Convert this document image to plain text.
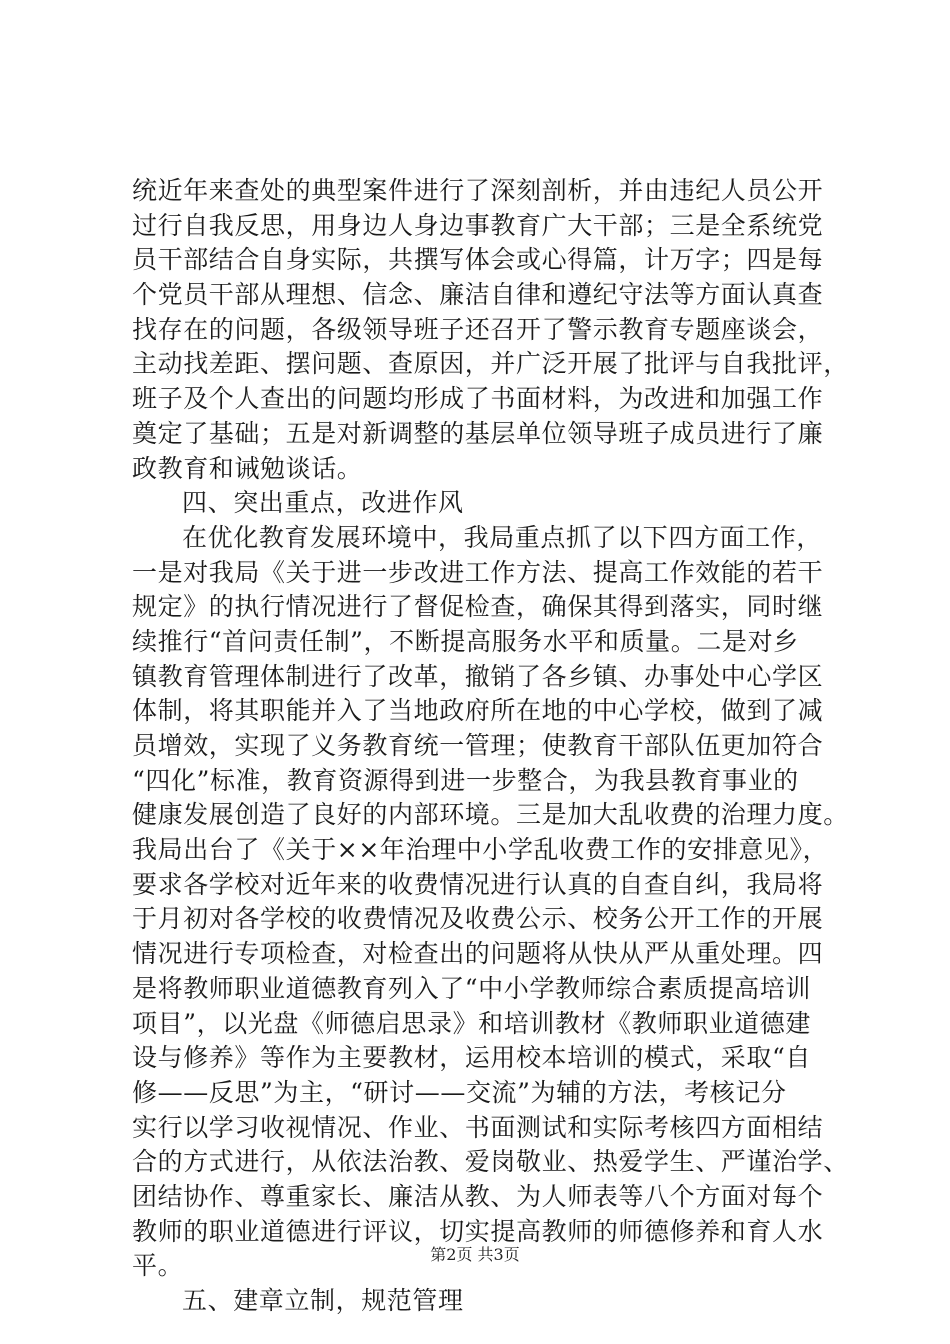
统近年来查处的典型案件进行了深刻剖析，并由违纪人员公开
过行自我反思，用身边人身边事教育广大干部；三是全系统党
员干部结合自身实际，共撰写体会或心得篇，计万字；四是每
个党员干部从理想、信念、廉洁自律和遵纪守法等方面认真查
找存在的问题，各级领导班子还召开了警示教育专题座谈会，
主动找差距、摆问题、查原因，并广泛开展了批评与自我批评，
班子及个人查出的问题均形成了书面材料，为改进和加强工作
奠定了基础；五是对新调整的基层单位领导班子成员进行了廉
政教育和诫勉谈话。
四、突出重点，改进作风
在优化教育发展环境中，我局重点抓了以下四方面工作，
一是对我局《关于进一步改进工作方法、提高工作效能的若干
规定》的执行情况进行了督促检查，确保其得到落实，同时继
续推行“首问责任制”，不断提高服务水平和质量。二是对乡
镇教育管理体制进行了改革，撤销了各乡镇、办事处中心学区
体制，将其职能并入了当地政府所在地的中心学校，做到了减
员增效，实现了义务教育统一管理；使教育干部队伍更加符合
“四化”标准，教育资源得到进一步整合，为我县教育事业的
健康发展创造了良好的内部环境。三是加大乱收费的治理力度。
我局出台了《关于××年治理中小学乱收费工作的安排意见》，
要求各学校对近年来的收费情况进行认真的自查自纠，我局将
于月初对各学校的收费情况及收费公示、校务公开工作的开展
情况进行专项检查，对检查出的问题将从快从严从重处理。四
是将教师职业道德教育列入了“中小学教师综合素质提高培训
项目”，以光盘《师德启思录》和培训教材《教师职业道德建
设与修养》等作为主要教材，运用校本培训的模式，采取“自
修——反思”为主，“研讨——交流”为辅的方法，考核记分
实行以学习收视情况、作业、书面测试和实际考核四方面相结
合的方式进行，从依法治教、爱岗敬业、热爱学生、严谨治学、
团结协作、尊重家长、廉洁从教、为人师表等八个方面对每个
教师的职业道德进行评议，切实提高教师的师德修养和育人水
平。
五、建章立制，规范管理
第2页 共3页
